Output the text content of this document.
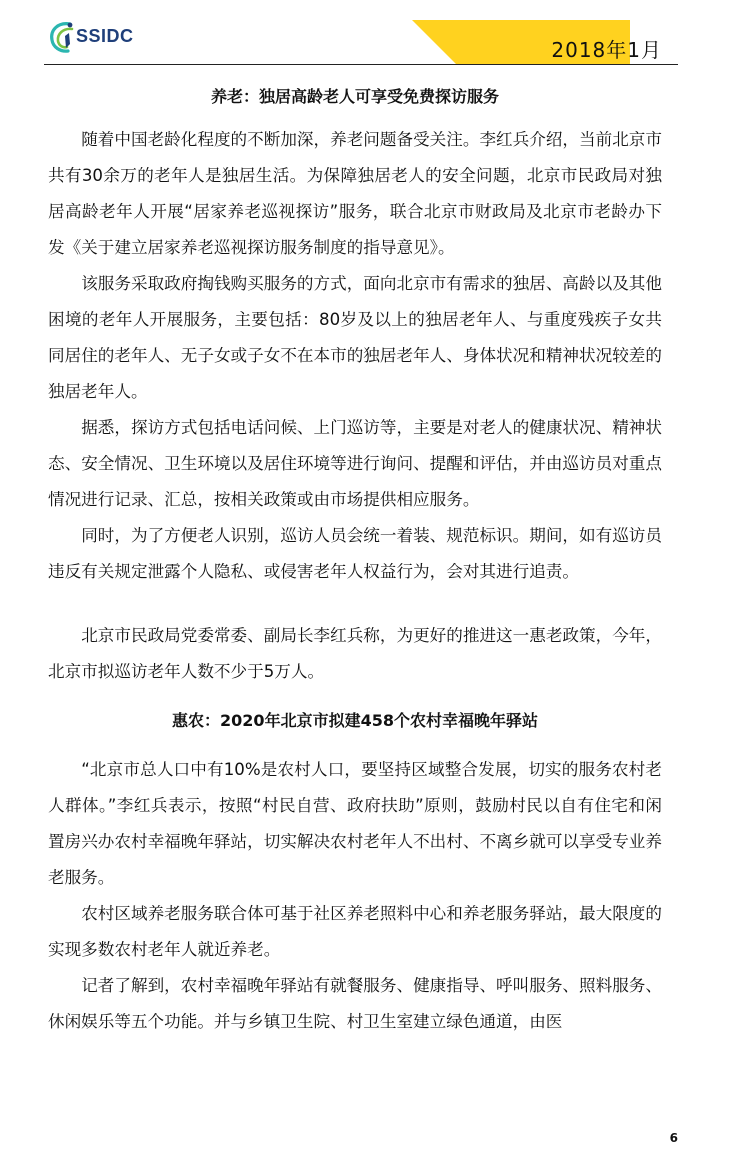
SSIDC
2018年1月
养老：独居高龄老人可享受免费探访服务

随着中国老龄化程度的不断加深，养老问题备受关注。李红兵介绍，当前北京市共有30余万的老年人是独居生活。为保障独居老人的安全问题，北京市民政局对独居高龄老年人开展“居家养老巡视探访”服务，联合北京市财政局及北京市老龄办下发《关于建立居家养老巡视探访服务制度的指导意见》。

该服务采取政府掏钱购买服务的方式，面向北京市有需求的独居、高龄以及其他困境的老年人开展服务，主要包括：80岁及以上的独居老年人、与重度残疾子女共同居住的老年人、无子女或子女不在本市的独居老年人、身体状况和精神状况较差的独居老年人。

据悉，探访方式包括电话问候、上门巡访等，主要是对老人的健康状况、精神状态、安全情况、卫生环境以及居住环境等进行询问、提醒和评估，并由巡访员对重点情况进行记录、汇总，按相关政策或由市场提供相应服务。

同时，为了方便老人识别，巡访人员会统一着装、规范标识。期间，如有巡访员违反有关规定泄露个人隐私、或侵害老年人权益行为，会对其进行追责。

北京市民政局党委常委、副局长李红兵称，为更好的推进这一惠老政策，今年，北京市拟巡访老年人数不少于5万人。

惠农：2020年北京市拟建458个农村幸福晚年驿站

“北京市总人口中有10%是农村人口，要坚持区域整合发展，切实的服务农村老人群体。”李红兵表示，按照“村民自营、政府扶助”原则，鼓励村民以自有住宅和闲置房兴办农村幸福晚年驿站，切实解决农村老年人不出村、不离乡就可以享受专业养老服务。

农村区域养老服务联合体可基于社区养老照料中心和养老服务驿站，最大限度的实现多数农村老年人就近养老。

记者了解到，农村幸福晚年驿站有就餐服务、健康指导、呼叫服务、照料服务、休闲娱乐等五个功能。并与乡镇卫生院、村卫生室建立绿色通道，由医

6
